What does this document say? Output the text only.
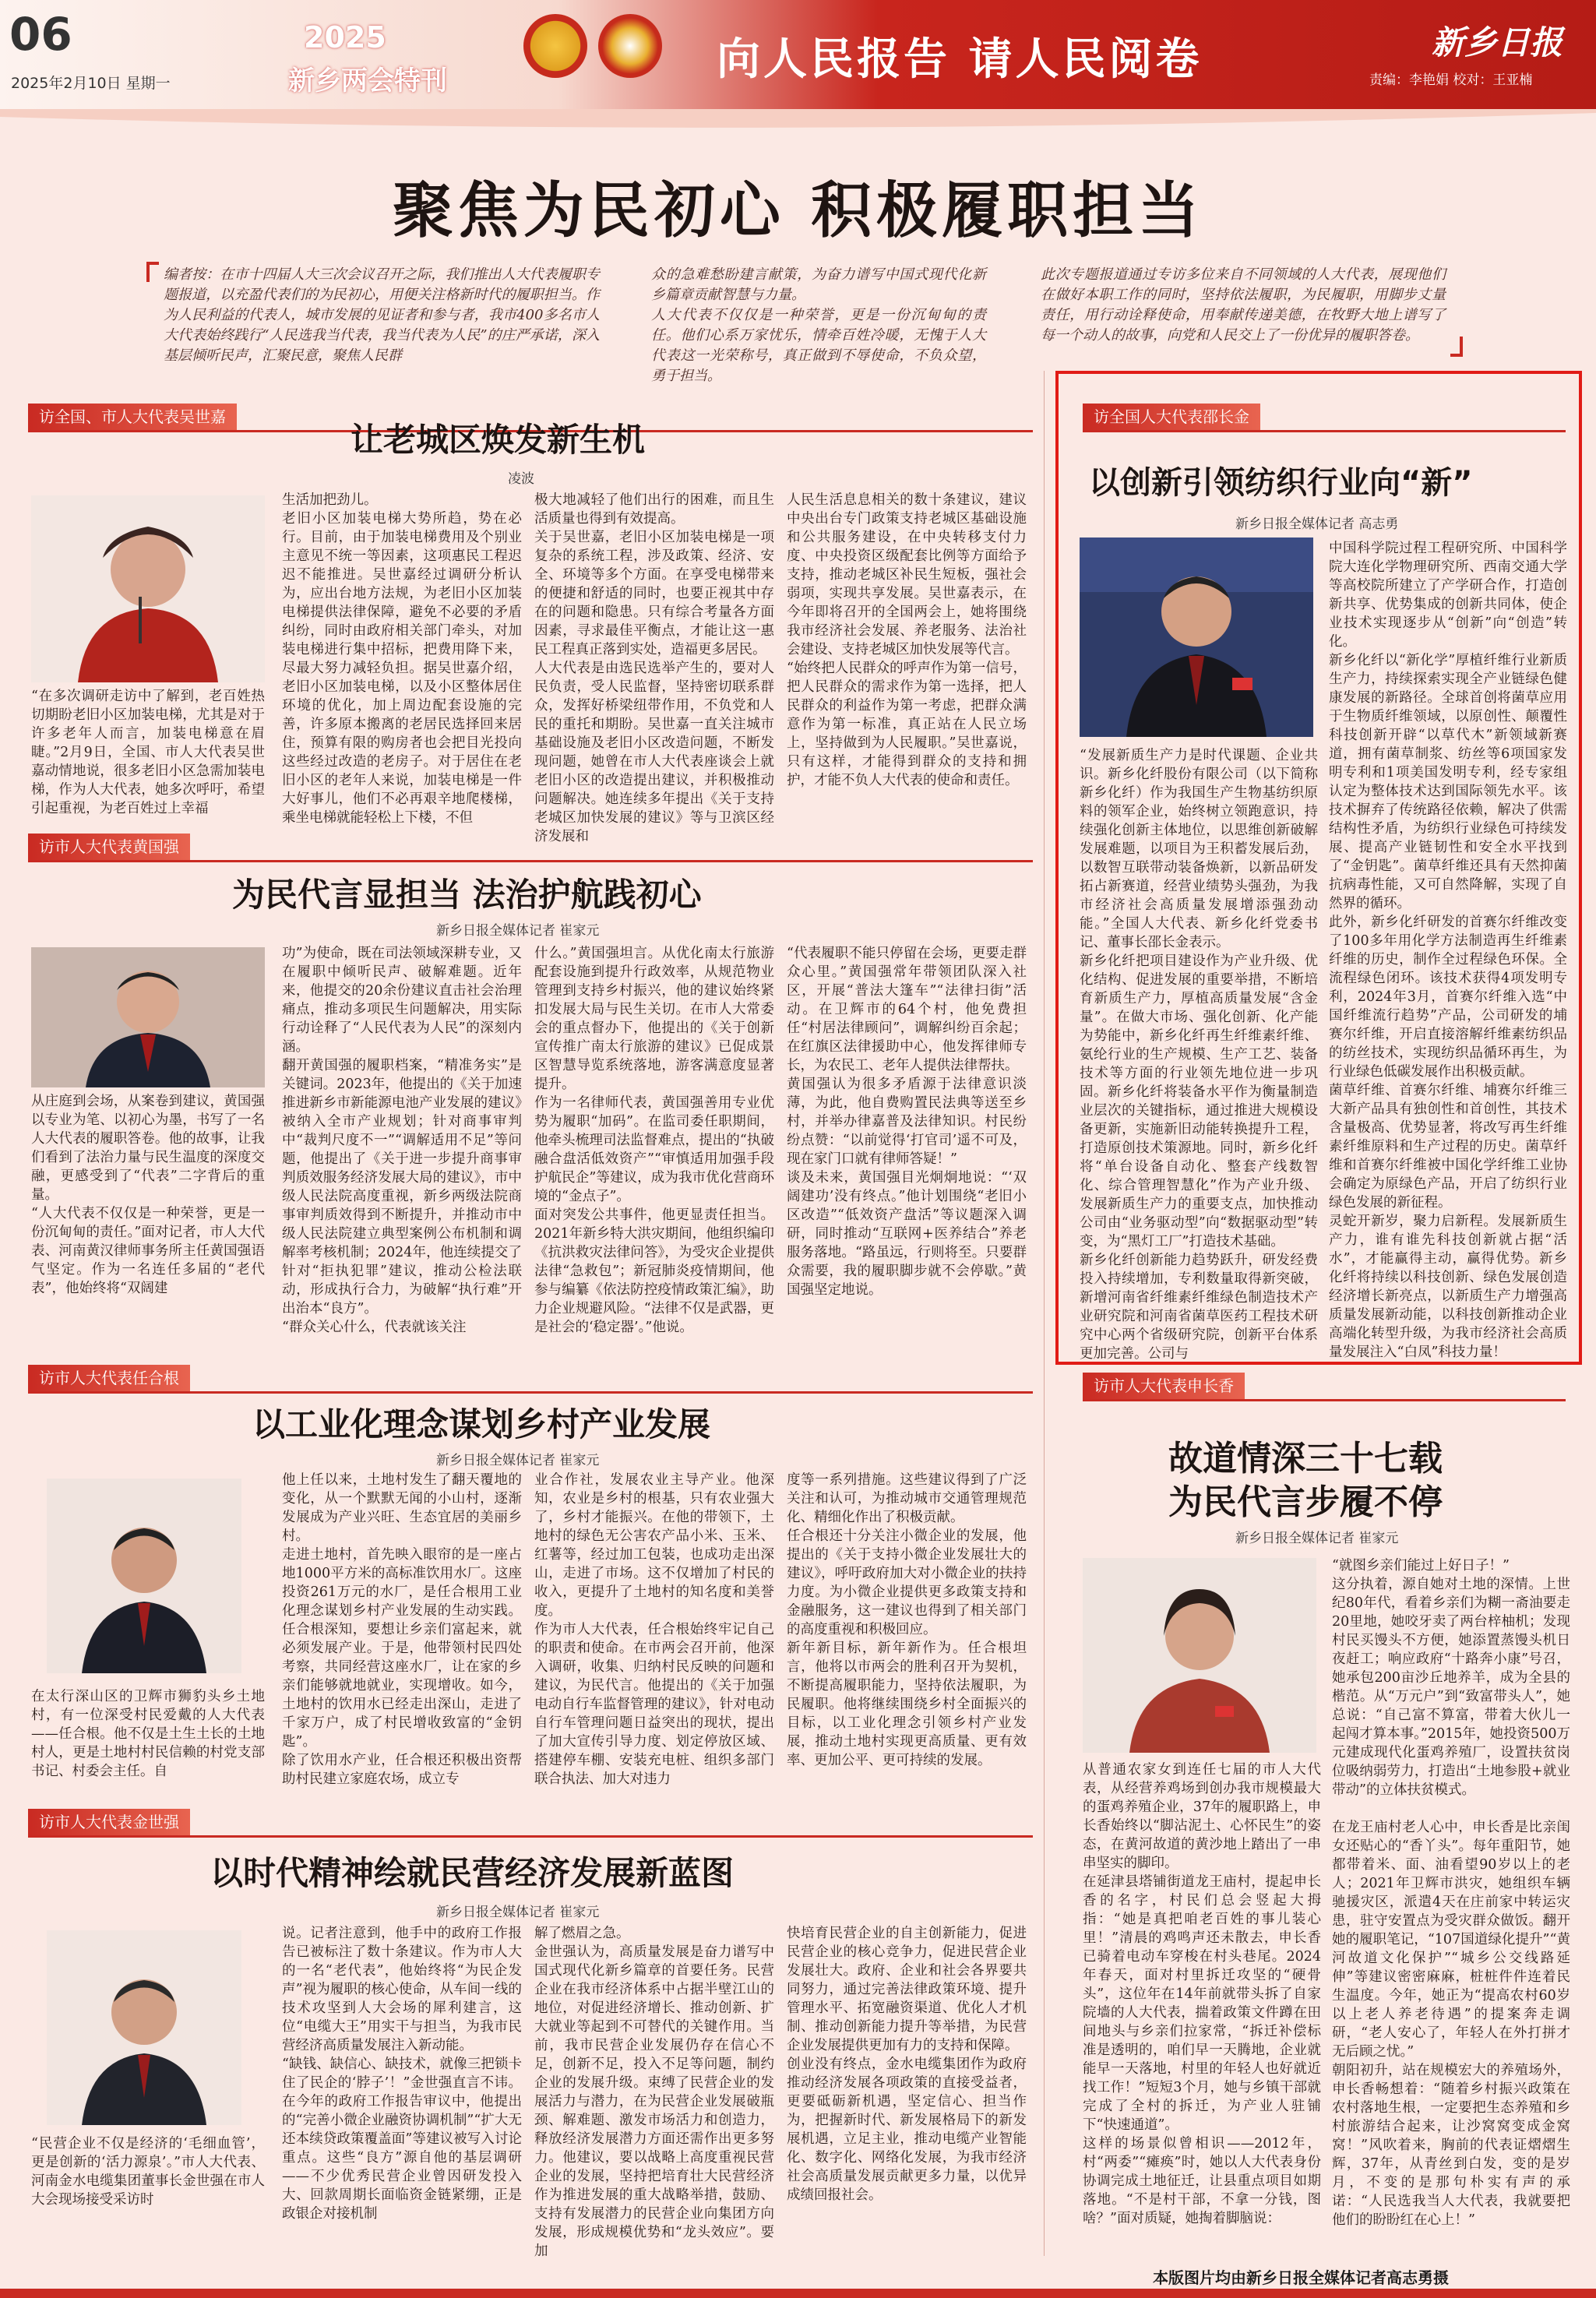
06
2025年2月10日 星期一
2025
新乡两会特刊	向人民报告 请人民阅卷	新乡日报
责编：李艳娟 校对：王亚楠
聚焦为民初心 积极履职担当
编者按：在市十四届人大三次会议召开之际，我们推出人大代表履职专题报道，以充盈代表们的为民初心，用便关注格新时代的履职担当。作为人民利益的代表人，城市发展的见证者和参与者，我市400多名市人大代表始终践行“人民选我当代表，我当代表为人民”的庄严承诺，深入基层倾听民声，汇聚民意，聚焦人民群
众的急难愁盼建言献策，为奋力谱写中国式现代化新乡篇章贡献智慧与力量。
人大代表不仅仅是一种荣誉，更是一份沉甸甸的责任。他们心系万家忧乐，情牵百姓冷暖，无愧于人大代表这一光荣称号，真正做到不辱使命，不负众望，勇于担当。
此次专题报道通过专访多位来自不同领域的人大代表，展现他们在做好本职工作的同时，坚持依法履职，为民履职，用脚步丈量责任，用行动诠释使命，用奉献传递美德，在牧野大地上谱写了每一个动人的故事，向党和人民交上了一份优异的履职答卷。
访全国、市人大代表吴世嘉
让老城区焕发新生机
凌波
“在多次调研走访中了解到，老百姓热切期盼老旧小区加装电梯，尤其是对于许多老年人而言，加装电梯意在眉睫。”2月9日，全国、市人大代表吴世嘉动情地说，很多老旧小区急需加装电梯，作为人大代表，她多次呼吁，希望引起重视，为老百姓过上幸福
生活加把劲儿。
老旧小区加装电梯大势所趋，势在必行。目前，由于加装电梯费用及个别业主意见不统一等因素，这项惠民工程迟迟不能推进。吴世嘉经过调研分析认为，应出台地方法规，为老旧小区加装电梯提供法律保障，避免不必要的矛盾纠纷，同时由政府相关部门牵头，对加装电梯进行集中招标，把费用降下来，尽最大努力减轻负担。据吴世嘉介绍，老旧小区加装电梯，以及小区整体居住环境的优化，加上周边配套设施的完善，许多原本搬离的老居民选择回来居住，预算有限的购房者也会把目光投向这些经过改造的老房子。对于居住在老旧小区的老年人来说，加装电梯是一件大好事儿，他们不必再艰辛地爬楼梯，乘坐电梯就能轻松上下楼，不但
极大地减轻了他们出行的困难，而且生活质量也得到有效提高。
关于吴世嘉，老旧小区加装电梯是一项复杂的系统工程，涉及政策、经济、安全、环境等多个方面。在享受电梯带来的便捷和舒适的同时，也要正视其中存在的问题和隐患。只有综合考量各方面因素，寻求最佳平衡点，才能让这一惠民工程真正落到实处，造福更多居民。
人大代表是由选民选举产生的，要对人民负责，受人民监督，坚持密切联系群众，发挥好桥梁纽带作用，不负党和人民的重托和期盼。吴世嘉一直关注城市基础设施及老旧小区改造问题，不断发现问题，她曾在市人大代表座谈会上就老旧小区的改造提出建议，并积极推动问题解决。她连续多年提出《关于支持老城区加快发展的建议》等与卫滨区经济发展和
人民生活息息相关的数十条建议，建议中央出台专门政策支持老城区基础设施和公共服务建设，在中央转移支付力度、中央投资区级配套比例等方面给予支持，推动老城区补民生短板，强社会弱项，实现共享发展。吴世嘉表示，在今年即将召开的全国两会上，她将围绕我市经济社会发展、养老服务、法治社会建设、支持老城区加快发展等代言。
“始终把人民群众的呼声作为第一信号，把人民群众的需求作为第一选择，把人民群众的利益作为第一考虑，把群众满意作为第一标准，真正站在人民立场上，坚持做到为人民履职。”吴世嘉说，只有这样，才能得到群众的支持和拥护，才能不负人大代表的使命和责任。
访市人大代表黄国强
为民代言显担当 法治护航践初心
新乡日报全媒体记者 崔家元
从庄庭到会场，从案卷到建议，黄国强以专业为笔、以初心为墨，书写了一名人大代表的履职答卷。他的故事，让我们看到了法治力量与民生温度的深度交融，更感受到了“代表”二字背后的重量。
“人大代表不仅仅是一种荣誉，更是一份沉甸甸的责任。”面对记者，市人大代表、河南黄汉律师事务所主任黄国强语气坚定。作为一名连任多届的“老代表”，他始终将“双阔建
功”为使命，既在司法领域深耕专业，又在履职中倾听民声、破解难题。近年来，他提交的20余份建议直击社会治理痛点，推动多项民生问题解决，用实际行动诠释了“人民代表为人民”的深刻内涵。
翻开黄国强的履职档案，“精准务实”是关键词。2023年，他提出的《关于加速推进新乡市新能源电池产业发展的建议》被纳入全市产业规划；针对商事审判中“裁判尺度不一”“调解适用不足”等问题，他提出了《关于进一步提升商事审判质效服务经济发展大局的建议》，市中级人民法院高度重视，新乡两级法院商事审判质效得到不断提升，并推动市中级人民法院建立典型案例公布机制和调解率考核机制；2024年，他连续提交了针对“拒执犯罪”建议，推动公检法联动，形成执行合力，为破解“执行难”开出治本“良方”。
“群众关心什么，代表就该关注
什么。”黄国强坦言。从优化南太行旅游配套设施到提升行政效率，从规范物业管理到支持乡村振兴，他的建议始终紧扣发展大局与民生关切。在市人大常委会的重点督办下，他提出的《关于创新宣传推广南太行旅游的建议》已促成景区智慧导览系统落地，游客满意度显著提升。
作为一名律师代表，黄国强善用专业优势为履职“加码”。在监司委任职期间，他牵头梳理司法监督难点，提出的“执破融合盘活低效资产”“审慎适用加强手段护航民企”等建议，成为我市优化营商环境的“金点子”。
面对突发公共事件，他更显责任担当。2021年新乡特大洪灾期间，他组织编印《抗洪救灾法律问答》，为受灾企业提供法律“急救包”；新冠肺炎疫情期间，他参与编纂《依法防控疫情政策汇编》，助力企业规避风险。“法律不仅是武器，更是社会的‘稳定器’。”他说。
“代表履职不能只停留在会场，更要走群众心里。”黄国强常年带领团队深入社区，开展“普法大篷车”“法律扫街”活动。在卫辉市的64个村，他免费担任“村居法律顾问”，调解纠纷百余起；在红旗区法律援助中心，他发挥律师专长，为农民工、老年人提供法律帮扶。
黄国强认为很多矛盾源于法律意识淡薄，为此，他自费购置民法典等送至乡村，并举办律嘉普及法律知识。村民纷纷点赞：“以前觉得‘打官司’遥不可及，现在家门口就有律师答疑！”
谈及未来，黄国强目光炯炯地说：“‘双阔建功’没有终点。”他计划围绕“老旧小区改造”“低效资产盘活”等议题深入调研，同时推动“互联网+医养结合”养老服务落地。“路虽远，行则将至。只要群众需要，我的履职脚步就不会停歇。”黄国强坚定地说。
访全国人大代表邵长金
以创新引领纺织行业向“新”
新乡日报全媒体记者 高志勇
中国科学院过程工程研究所、中国科学院大连化学物理研究所、西南交通大学等高校院所建立了产学研合作，打造创新共享、优势集成的创新共同体，使企业技术实现逐步从“创新”向“创造”转化。
新乡化纤以“新化学”厚植纤维行业新质生产力，持续探索实现全产业链绿色健康发展的新路径。全球首创将菌草应用于生物质纤维领域，以原创性、颠覆性科技创新开辟“以草代木”新领域新赛道，拥有菌草制浆、纺丝等6项国家发明专利和1项美国发明专利，经专家组认定为整体技术达到国际领先水平。该技术摒弃了传统路径依赖，解决了供需结构性矛盾，为纺织行业绿色可持续发展、提高产业链韧性和安全水平找到了“金钥匙”。菌草纤维还具有天然抑菌抗病毒性能，又可自然降解，实现了自然界的循环。
“发展新质生产力是时代课题、企业共识。新乡化纤股份有限公司（以下简称新乡化纤）作为我国生产生物基纺织原料的领军企业，始终树立领跑意识，持续强化创新主体地位，以思维创新破解发展难题，以项目为王积蓄发展后劲，以数智互联带动装备焕新，以新品研发拓占新赛道，经营业绩势头强劲，为我市经济社会高质量发展增添强劲动能。”全国人大代表、新乡化纤党委书记、董事长邵长金表示。
新乡化纤把项目建设作为产业升级、优化结构、促进发展的重要举措，不断培育新质生产力，厚植高质量发展“含金量”。在做大市场、强化创新、化产能为势能中，新乡化纤再生纤维素纤维、氨纶行业的生产规模、生产工艺、装备技术等方面的行业领先地位进一步巩固。新乡化纤将装备水平作为衡量制造业层次的关键指标，通过推进大规模设备更新，实施新旧动能转换提升工程，打造原创技术策源地。同时，新乡化纤将“单台设备自动化、整套产线数智化、综合管理智慧化”作为产业升级、发展新质生产力的重要支点，加快推动公司由“业务驱动型”向“数据驱动型”转变，为“黑灯工厂”打造技术基础。
新乡化纤创新能力趋势跃升，研发经费投入持续增加，专利数量取得新突破，新增河南省纤维素纤维绿色制造技术产业研究院和河南省菌草医药工程技术研究中心两个省级研究院，创新平台体系更加完善。公司与
此外，新乡化纤研发的首赛尔纤维改变了100多年用化学方法制造再生纤维素纤维的历史，制作全过程绿色环保。全流程绿色闭环。该技术获得4项发明专利，2024年3月，首赛尔纤维入选“中国纤维流行趋势”产品，公司研发的埔赛尔纤维，开启直接溶解纤维素纺织品的纺丝技术，实现纺织品循环再生，为行业绿色低碳发展作出积极贡献。
菌草纤维、首赛尔纤维、埔赛尔纤维三大新产品具有独创性和首创性，其技术含量极高、优势显著，将改写再生纤维素纤维原料和生产过程的历史。菌草纤维和首赛尔纤维被中国化学纤维工业协会确定为原绿色产品，开启了纺织行业绿色发展的新征程。
灵蛇开新岁，聚力启新程。发展新质生产力，谁有谁先科技创新就占据“活水”，才能赢得主动，赢得优势。新乡化纤将持续以科技创新、绿色发展创造经济增长新亮点，以新质生产力增强高质量发展新动能，以科技创新推动企业高端化转型升级，为我市经济社会高质量发展注入“白凤”科技力量！
访市人大代表任合根
以工业化理念谋划乡村产业发展
新乡日报全媒体记者 崔家元
在太行深山区的卫辉市狮豹头乡土地村，有一位深受村民爱戴的人大代表——任合根。他不仅是土生土长的土地村人，更是土地村村民信赖的村党支部书记、村委会主任。自
他上任以来，土地村发生了翻天覆地的变化，从一个默默无闻的小山村，逐渐发展成为产业兴旺、生态宜居的美丽乡村。
走进土地村，首先映入眼帘的是一座占地1000平方米的高标准饮用水厂。这座投资261万元的水厂，是任合根用工业化理念谋划乡村产业发展的生动实践。任合根深知，要想让乡亲们富起来，就必须发展产业。于是，他带领村民四处考察，共同经营这座水厂，让在家的乡亲们能够就地就业，实现增收。如今，土地村的饮用水已经走出深山，走进了千家万户，成了村民增收致富的“金钥匙”。
除了饮用水产业，任合根还积极出资帮助村民建立家庭农场，成立专
业合作社，发展农业主导产业。他深知，农业是乡村的根基，只有农业强大了，乡村才能振兴。在他的带领下，土地村的绿色无公害农产品小米、玉米、红薯等，经过加工包装，也成功走出深山，走进了市场。这不仅增加了村民的收入，更提升了土地村的知名度和美誉度。
作为市人大代表，任合根始终牢记自己的职责和使命。在市两会召开前，他深入调研，收集、归纳村民反映的问题和建议，为民代言。他提出的《关于加强电动自行车监督管理的建议》，针对电动自行车管理问题日益突出的现状，提出了加大宣传引导力度、划定停放区域、搭建停车棚、安装充电桩、组织多部门联合执法、加大对违力
度等一系列措施。这些建议得到了广泛关注和认可，为推动城市交通管理规范化、精细化作出了积极贡献。
任合根还十分关注小微企业的发展，他提出的《关于支持小微企业发展壮大的建议》，呼吁政府加大对小微企业的扶持力度。为小微企业提供更多政策支持和金融服务，这一建议也得到了相关部门的高度重视和积极回应。
新年新目标，新年新作为。任合根坦言，他将以市两会的胜利召开为契机，不断提高履职能力，坚持依法履职，为民履职。他将继续围绕乡村全面振兴的目标，以工业化理念引领乡村产业发展，推动土地村实现更高质量、更有效率、更加公平、更可持续的发展。
访市人大代表金世强
以时代精神绘就民营经济发展新蓝图
新乡日报全媒体记者 崔家元
“民营企业不仅是经济的‘毛细血管’，更是创新的‘活力源泉’。”市人大代表、河南金水电缆集团董事长金世强在市人大会现场接受采访时
说。记者注意到，他手中的政府工作报告已被标注了数十条建议。作为市人大的一名“老代表”，他始终将“为民企发声”视为履职的核心使命，从车间一线的技术攻坚到人大会场的犀利建言，这位“电缆大王”用实干与担当，为我市民营经济高质量发展注入新动能。
“缺钱、缺信心、缺技术，就像三把锁卡住了民企的‘脖子’！”金世强直言不讳。在今年的政府工作报告审议中，他提出的“完善小微企业融资协调机制”“扩大无还本续贷政策覆盖面”等建议被写入讨论重点。这些“良方”源自他的基层调研——不少优秀民营企业曾因研发投入大、回款周期长面临资金链紧绷，正是政银企对接机制
解了燃眉之急。
金世强认为，高质量发展是奋力谱写中国式现代化新乡篇章的首要任务。民营企业在我市经济体系中占据半壁江山的地位，对促进经济增长、推动创新、扩大就业等起到不可替代的关键作用。当前，我市民营企业发展仍存在信心不足，创新不足，投入不足等问题，制约企业的发展升级。束缚了民营企业的发展活力与潜力，在为民营企业发展破瓶颈、解难题、激发市场活力和创造力，释放经济发展潜力方面还需作出更多努力。他建议，要以战略上高度重视民营企业的发展，坚持把培育壮大民营经济作为推进发展的重大战略举措，鼓励、支持有发展潜力的民营企业向集团方向发展，形成规模优势和“龙头效应”。要加
快培育民营企业的自主创新能力，促进民营企业的核心竞争力，促进民营企业发展壮大。政府、企业和社会各界要共同努力，通过完善法律政策环境、提升管理水平、拓宽融资渠道、优化人才机制、推动创新能力提升等举措，为民营企业发展提供更加有力的支持和保障。
创业没有终点，金水电缆集团作为政府推动经济发展各项政策的直接受益者，更要砥砺新机遇，坚定信心、担当作为，把握新时代、新发展格局下的新发展机遇，立足主业，推动电缆产业智能化、数字化、网络化发展，为我市经济社会高质量发展贡献更多力量，以优异成绩回报社会。
访市人大代表申长香
故道情深三十七载
为民代言步履不停
新乡日报全媒体记者 崔家元
“就图乡亲们能过上好日子！”
这分执着，源自她对土地的深情。上世纪80年代，看着乡亲们为糊一斋油要走20里地，她咬牙卖了两台梓柚机；发现村民买馒头不方便，她添置蒸馒头机日夜赶工；响应政府“十路奔小康”号召，她承包200亩沙丘地养羊，成为全县的楷范。从“万元户”到“致富带头人”，她总说：“自己富不算富，带着大伙儿一起闯才算本事。”2015年，她投资500万元建成现代化蛋鸡养殖厂，设置扶贫岗位吸纳弱劳力，打造出“土地参股+就业带动”的立体扶贫模式。
从普通农家女到连任七届的市人大代表，从经营养鸡场到创办我市规模最大的蛋鸡养殖企业，37年的履职路上，申长香始终以“脚沾泥土、心怀民生”的姿态，在黄河故道的黄沙地上踏出了一串串坚实的脚印。
在延津县塔铺街道龙王庙村，提起申长香的名字，村民们总会竖起大拇指：“她是真把咱老百姓的事儿装心里！”清晨的鸡鸣声还未散去，申长香已骑着电动车穿梭在村头巷尾。2024年春天，面对村里拆迁攻坚的“硬骨头”，这位年在14年前就带头拆了自家院墙的人大代表，揣着政策文件蹲在田间地头与乡亲们拉家常，“拆迁补偿标准是透明的，咱们早一天腾地，企业就能早一天落地，村里的年轻人也好就近找工作！”短短3个月，她与乡镇干部就完成了全村的拆迁，为产业人驻铺下“快速通道”。
这样的场景似曾相识——2012年，村“两委”“瘫痪”时，她以人大代表身份协调完成土地征迁，让县重点项目如期落地。“不是村干部，不拿一分钱，图啥？”面对质疑，她掏着脚脑说：
在龙王庙村老人心中，申长香是比亲闺女还贴心的“香丫头”。每年重阳节，她都带着米、面、油看望90岁以上的老人；2021年卫辉市洪灾，她组织车辆驰援灾区，派遣4天在庄前家中转运灾患，驻守安置点为受灾群众做饭。翻开她的履职笔记，“107国道绿化提升”“黄河故道文化保护”“城乡公交线路延伸”等建议密密麻麻，桩桩件件连着民生温度。今年，她正为“提高农村60岁以上老人养老待遇”的提案奔走调研，“老人安心了，年轻人在外打拼才无后顾之忧。”
朝阳初升，站在规模宏大的养殖场外，申长香畅想着：“随着乡村振兴政策在农村落地生根，一定要把生态养殖和乡村旅游结合起来，让沙窝窝变成金窝窝！”风吹着来，胸前的代表证熠熠生辉，37年，从青丝到白发，变的是岁月，不变的是那句朴实有声的承诺：“人民选我当人大代表，我就要把他们的盼盼红在心上！”
本版图片均由新乡日报全媒体记者高志勇摄
